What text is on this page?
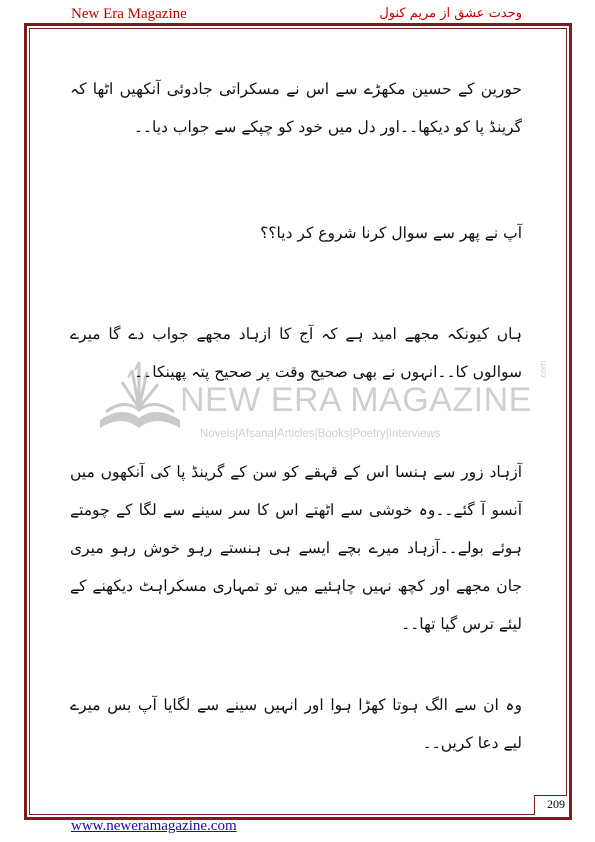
New Era Magazine	وحدت عشق از مریم کنول
NEW ERA MAGAZINE
Novels|Afsana|Articles|Books|Poetry|Interviews
.com
حورین کے حسین مکھڑے سے اس نے مسکراتی جادوئی آنکھیں اٹھا کہ گرینڈ پا کو دیکھا۔۔اور دل میں خود کو چپکے سے جواب دیا۔۔
آپ نے پھر سے سوال کرنا شروع کر دیا؟؟
ہاں کیونکہ مجھے امید ہے کہ آج کا ازہاد مجھے جواب دے گا میرے سوالوں کا۔۔انہوں نے بھی صحیح وقت پر صحیح پتہ پھینکا۔۔
آزہاد زور سے ہنسا اس کے قہقے کو سن کے گرینڈ پا کی آنکھوں میں آنسو آ گئے۔۔وہ خوشی سے اٹھتے اس کا سر سینے سے لگا کے چومتے ہوئے بولے۔۔آزہاد میرے بچے ایسے ہی ہنستے رہو خوش رہو میری جان مجھے اور کچھ نہیں چاہئیے میں تو تمہاری مسکراہٹ دیکھنے کے لیئے ترس گیا تھا۔۔
وہ ان سے الگ ہوتا کھڑا ہوا اور انہیں سینے سے لگایا آپ بس میرے لیے دعا کریں۔۔
209
www.neweramagazine.com
